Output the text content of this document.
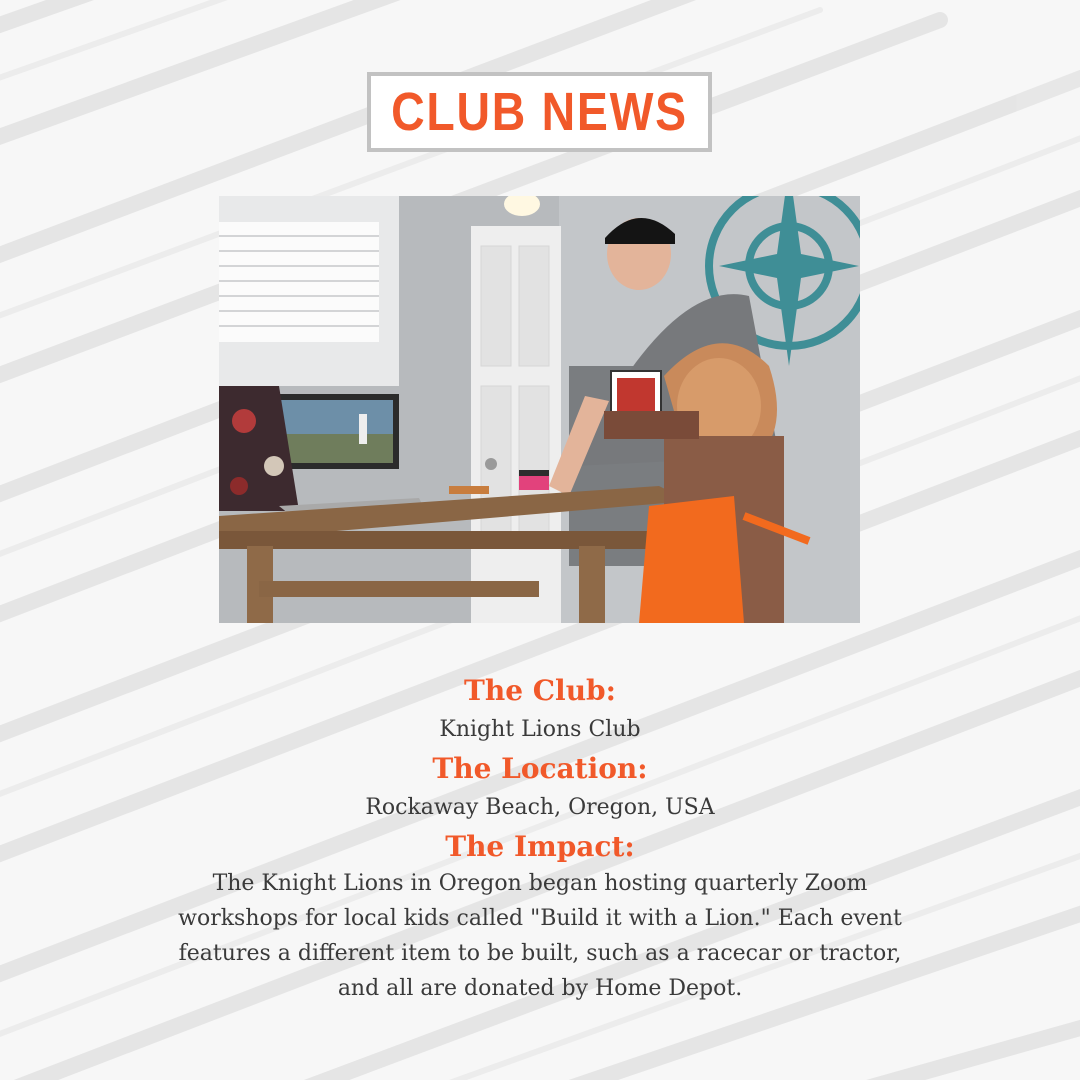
CLUB NEWS
The Club:
Knight Lions Club
The Location:
Rockaway Beach, Oregon, USA
The Impact:
The Knight Lions in Oregon began hosting quarterly Zoom workshops for local kids called "Build it with a Lion." Each event features a different item to be built, such as a racecar or tractor, and all are donated by Home Depot.
